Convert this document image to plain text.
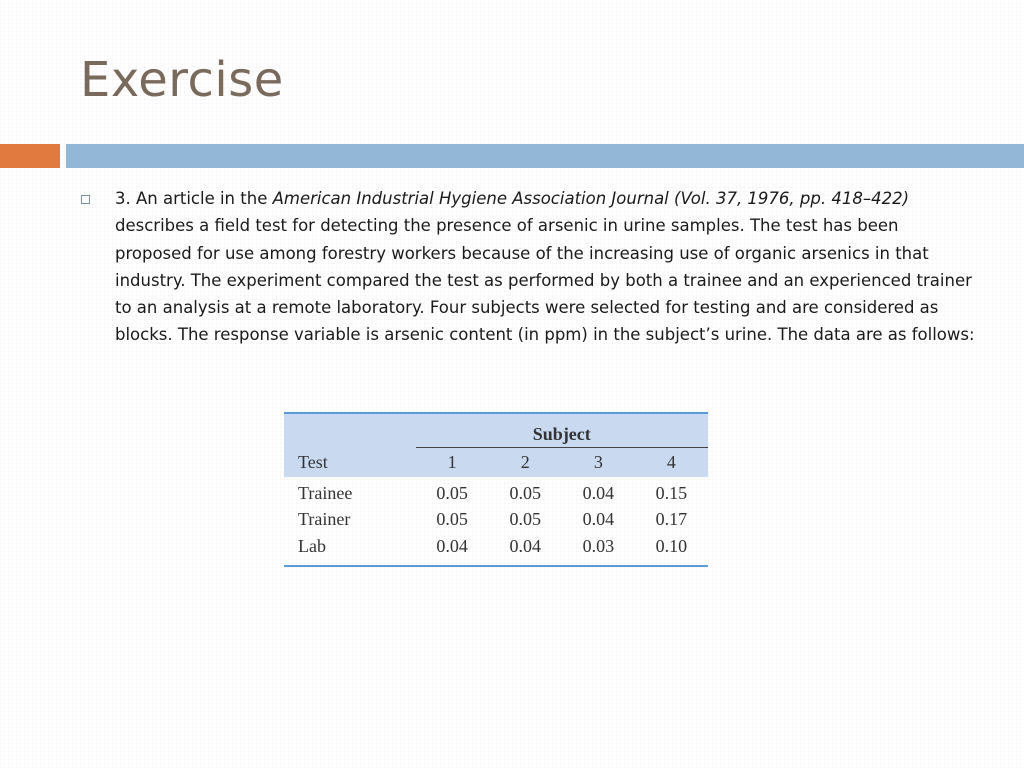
Exercise

3. An article in the American Industrial Hygiene Association Journal (Vol. 37, 1976, pp. 418–422) describes a field test for detecting the presence of arsenic in urine samples. The test has been proposed for use among forestry workers because of the increasing use of organic arsenics in that industry. The experiment compared the test as performed by both a trainee and an experienced trainer to an analysis at a remote laboratory. Four subjects were selected for testing and are considered as blocks. The response variable is arsenic content (in ppm) in the subject’s urine. The data are as follows:

		Subject			
Test		1	2	3	4
Trainee		0.05	0.05	0.04	0.15
Trainer		0.05	0.05	0.04	0.17
Lab		0.04	0.04	0.03	0.10
